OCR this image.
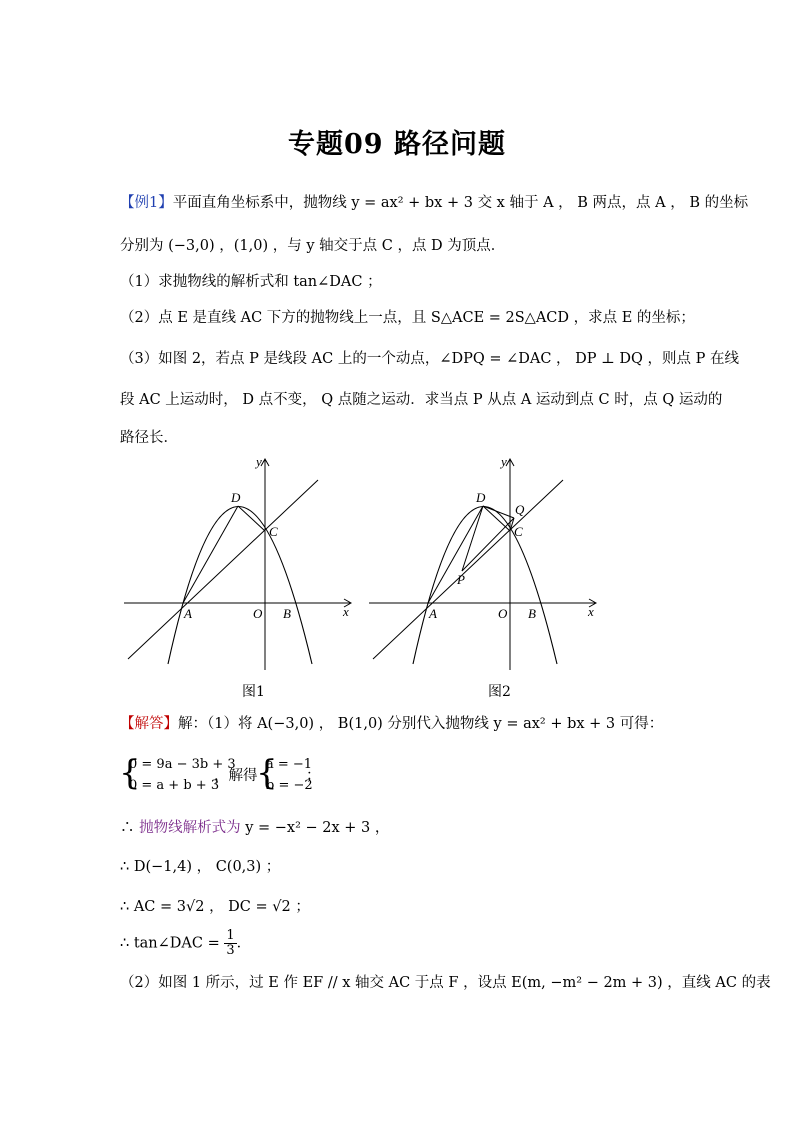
专题09 路径问题
【例1】平面直角坐标系中，抛物线 y = ax² + bx + 3 交 x 轴于 A ， B 两点，点 A ， B 的坐标
分别为 (−3,0) ，(1,0) ，与 y 轴交于点 C ，点 D 为顶点．
（1）求抛物线的解析式和 tan∠DAC ；
（2）点 E 是直线 AC 下方的抛物线上一点，且 S△ACE = 2S△ACD ，求点 E 的坐标；
（3）如图 2，若点 P 是线段 AC 上的一个动点，∠DPQ = ∠DAC ， DP ⊥ DQ ，则点 P 在线
段 AC 上运动时， D 点不变， Q 点随之运动．求当点 P 从点 A 运动到点 C 时，点 Q 运动的
路径长．
y
x
O
A	B
C
D
图1
y
x
O
A	B
C
D
P
Q
图2
【解答】解：（1）将 A(−3,0) ， B(1,0) 分别代入抛物线 y = ax² + bx + 3 可得：
{
0 = 9a − 3b + 3
0 = a + b + 3
，解得
{
a = −1
b = −2
；
∴ 抛物线解析式为 y = −x² − 2x + 3 ，
∴ D(−1,4) ， C(0,3) ；
∴ AC = 3√2 ， DC = √2 ；
∴ tan∠DAC = $\frac{1}{3}$ ．
（2）如图 1 所示，过 E 作 EF // x 轴交 AC 于点 F ，设点 E(m, −m² − 2m + 3) ，直线 AC 的表
